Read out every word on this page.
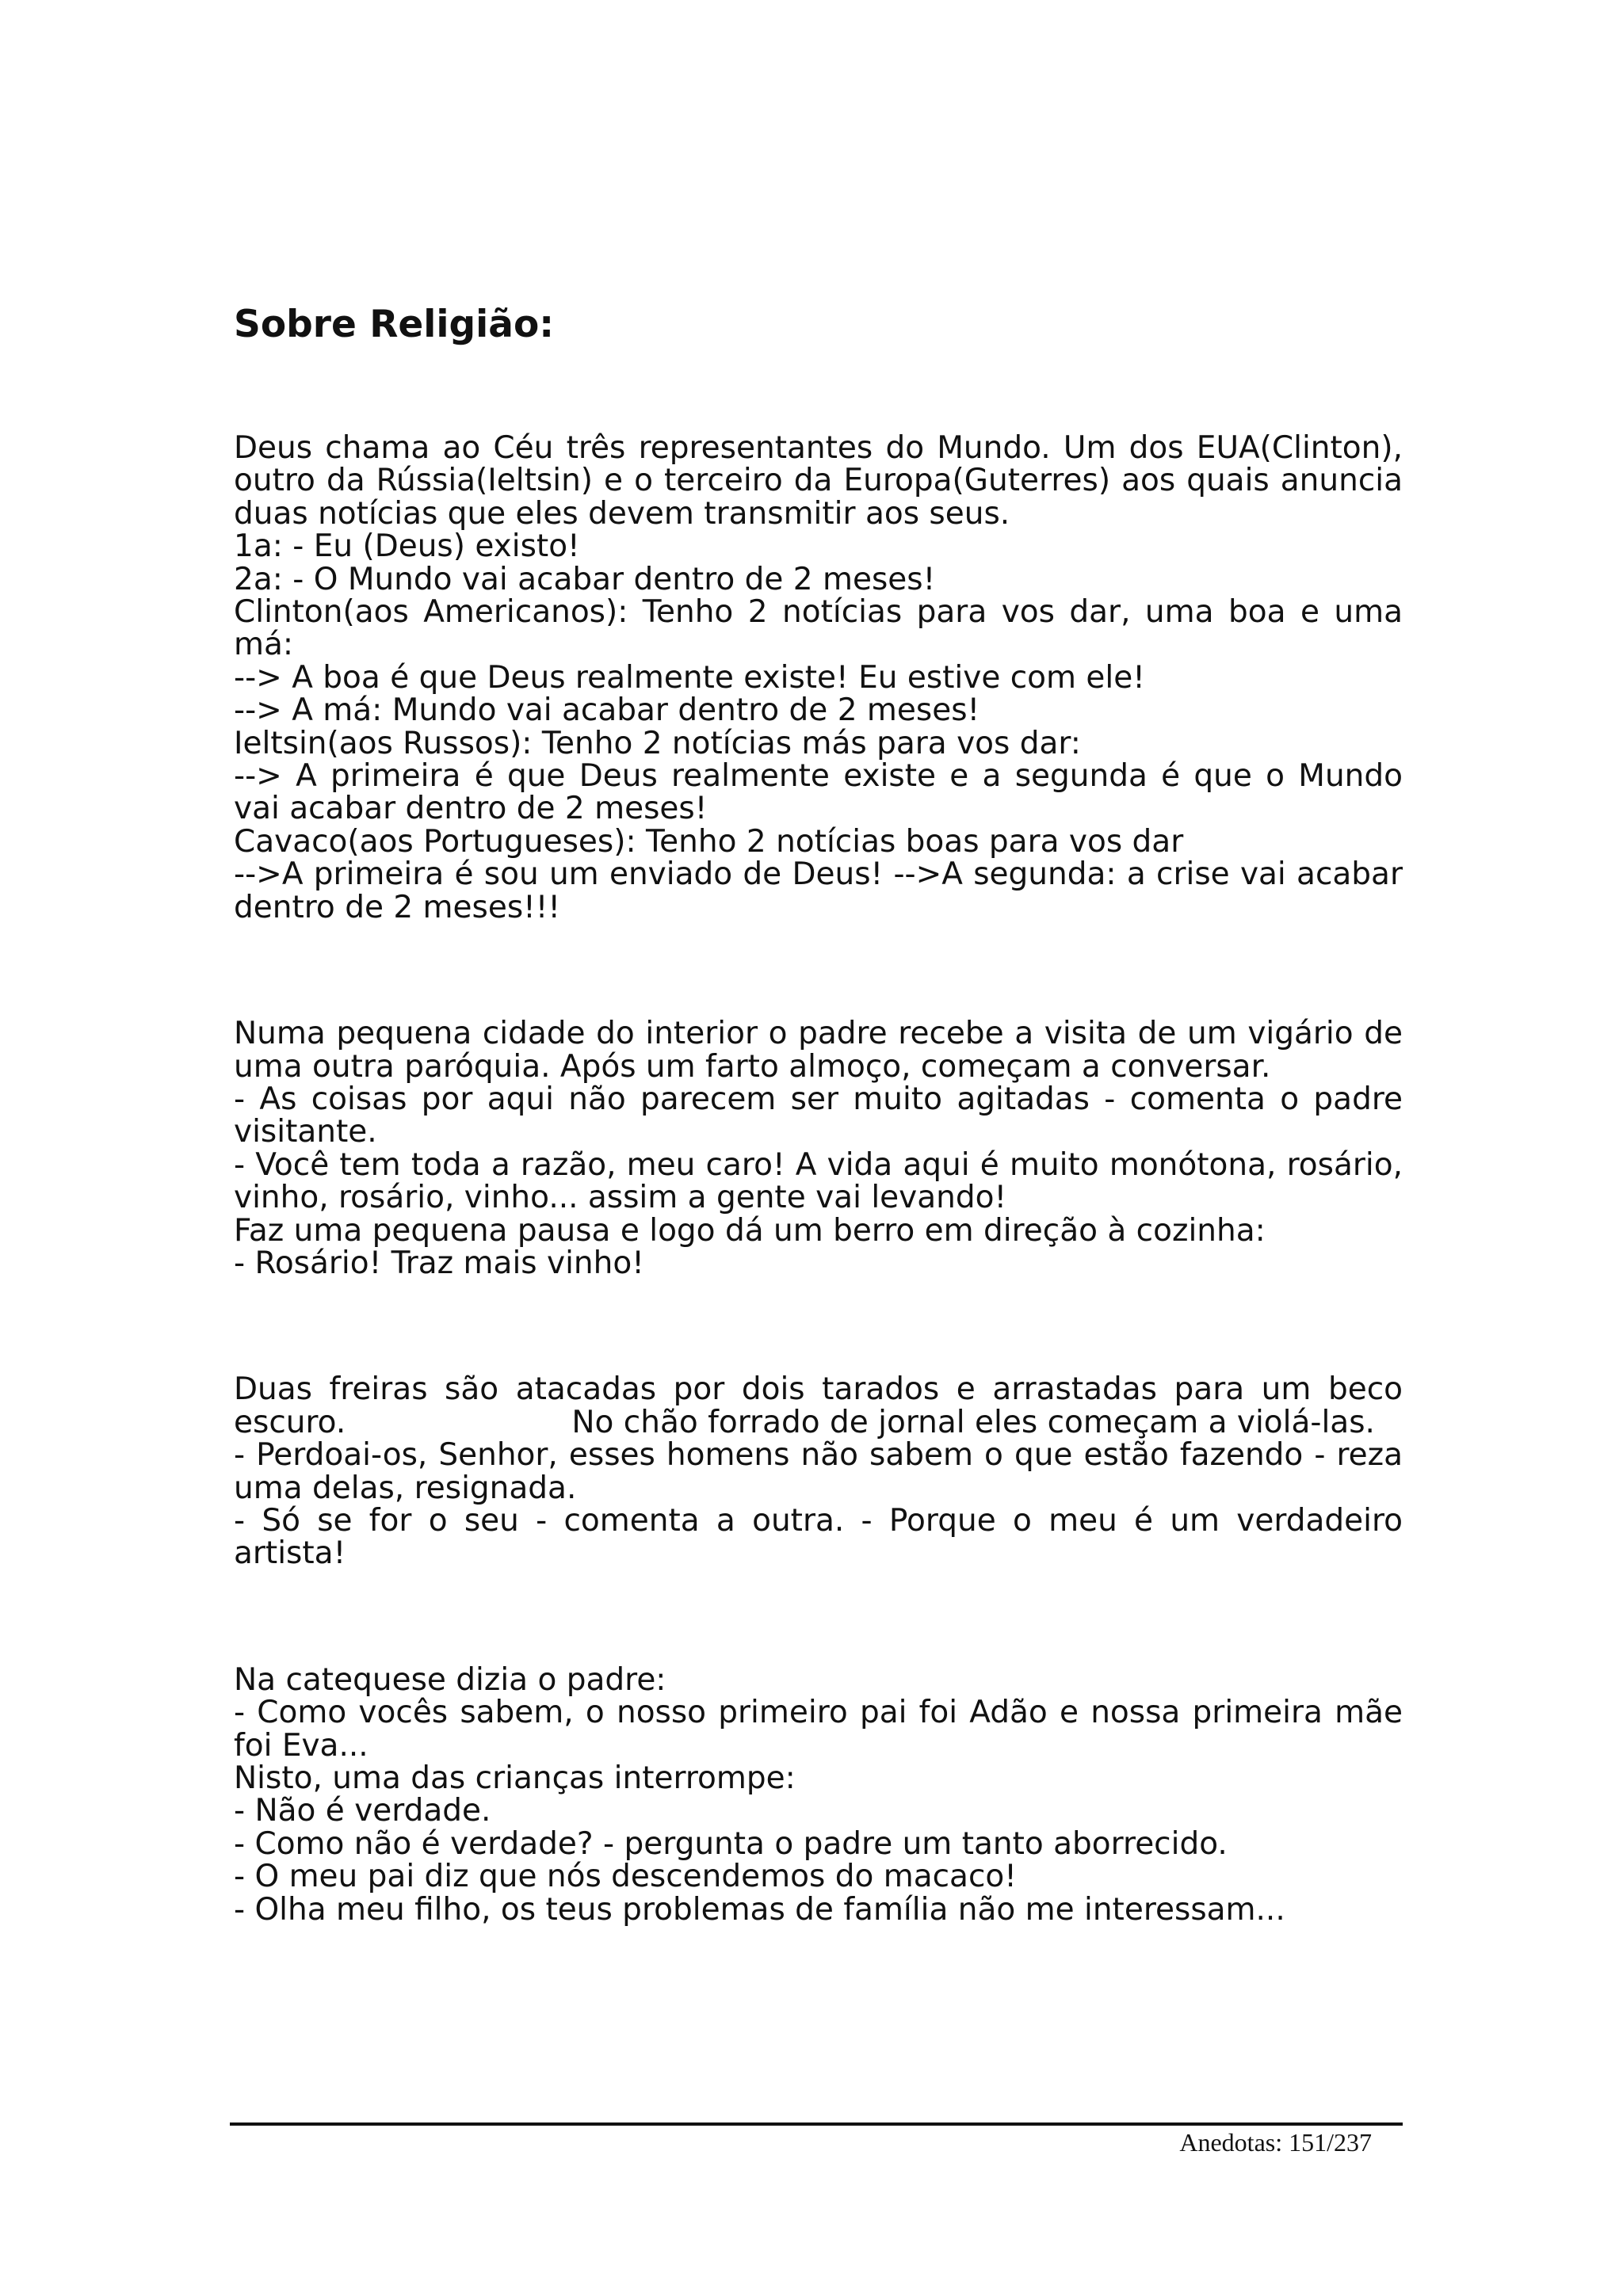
Sobre Religião:

Deus chama ao Céu três representantes do Mundo. Um dos EUA(Clinton), outro da Rússia(Ieltsin) e o terceiro da Europa(Guterres) aos quais anuncia duas notícias que eles devem transmitir aos seus.

1a: - Eu (Deus) existo!

2a: - O Mundo vai acabar dentro de 2 meses!

Clinton(aos Americanos): Tenho 2 notícias para vos dar, uma boa e uma má:

--> A boa é que Deus realmente existe! Eu estive com ele!

--> A má: Mundo vai acabar dentro de 2 meses!

Ieltsin(aos Russos): Tenho 2 notícias más para vos dar:

--> A primeira é que Deus realmente existe e a segunda é que o Mundo vai acabar dentro de 2 meses!

Cavaco(aos Portugueses): Tenho 2 notícias boas para vos dar

-->A primeira é sou um enviado de Deus! -->A segunda: a crise vai acabar dentro de 2 meses!!!

Numa pequena cidade do interior o padre recebe a visita de um vigário de uma outra paróquia. Após um farto almoço, começam a conversar.

- As coisas por aqui não parecem ser muito agitadas - comenta o padre visitante.

- Você tem toda a razão, meu caro! A vida aqui é muito monótona, rosário, vinho, rosário, vinho... assim a gente vai levando!

Faz uma pequena pausa e logo dá um berro em direção à cozinha:

- Rosário! Traz mais vinho!

Duas freiras são atacadas por dois tarados e arrastadas para um beco escuro.                       No chão forrado de jornal eles começam a violá-las.

- Perdoai-os, Senhor, esses homens não sabem o que estão fazendo - reza uma delas, resignada.

- Só se for o seu - comenta a outra. - Porque o meu é um verdadeiro artista!

Na catequese dizia o padre:

- Como vocês sabem, o nosso primeiro pai foi Adão e nossa primeira mãe foi Eva...

Nisto, uma das crianças interrompe:

- Não é verdade.

- Como não é verdade? - pergunta o padre um tanto aborrecido.

- O meu pai diz que nós descendemos do macaco!

- Olha meu filho, os teus problemas de família não me interessam...

Anedotas: 151/237
